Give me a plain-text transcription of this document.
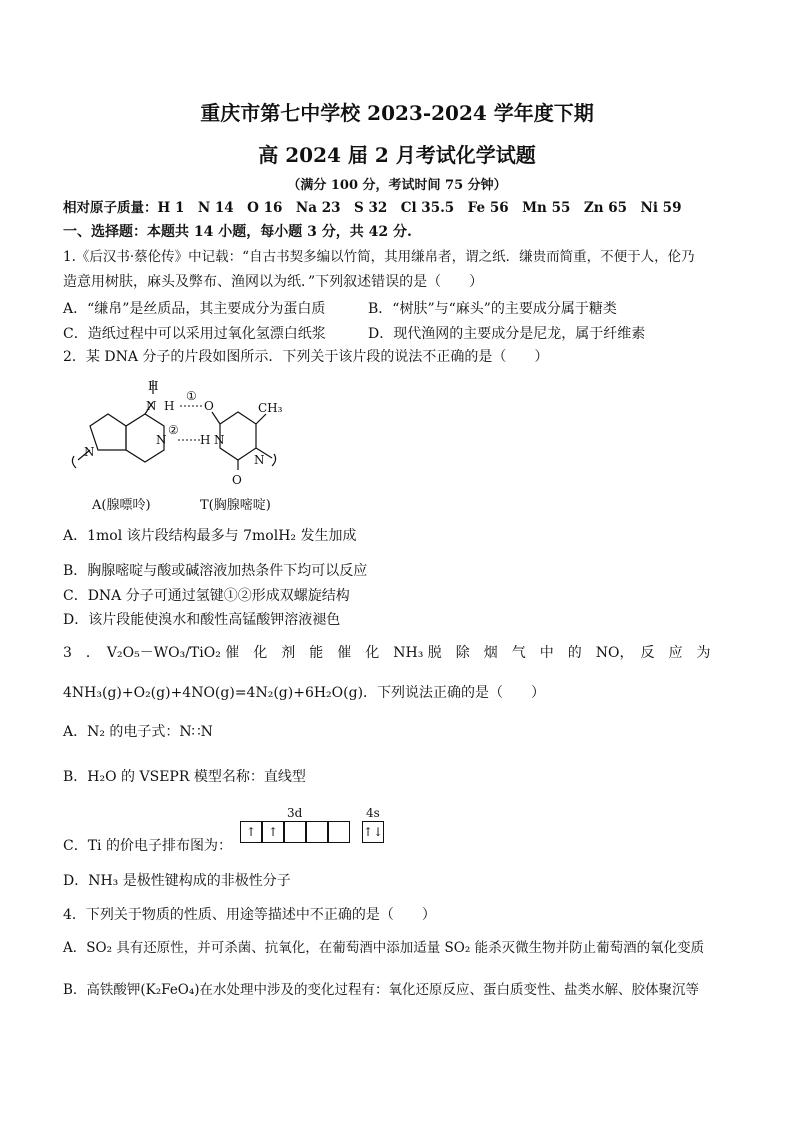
重庆市第七中学校 2023-2024 学年度下期
高 2024 届 2 月考试化学试题
（满分 100 分，考试时间 75 分钟）
相对原子质量：H 1　N 14　O 16　Na 23　S 32　Cl 35.5　Fe 56　Mn 55　Zn 65　Ni 59
一、选择题：本题共 14 小题，每小题 3 分，共 42 分.
1.《后汉书·蔡伦传》中记载：“自古书契多编以竹简，其用缣帛者，谓之纸．缣贵而简重，不便于人，伦乃
造意用树肤，麻头及弊布、渔网以为纸．”下列叙述错误的是（　　）
A．“缣帛”是丝质品，其主要成分为蛋白质	B．“树肤”与“麻头”的主要成分属于糖类
C．造纸过程中可以采用过氧化氢漂白纸浆	D．现代渔网的主要成分是尼龙，属于纤维素
2．某 DNA 分子的片段如图所示．下列关于该片段的说法不正确的是（　　）
H
N H O
①
②
N	H N
O
CH₃
N
N
A(腺嘌呤)	T(胸腺嘧啶)
A．1mol 该片段结构最多与 7molH₂ 发生加成
B．胸腺嘧啶与酸或碱溶液加热条件下均可以反应
C．DNA 分子可通过氢键①②形成双螺旋结构
D．该片段能使溴水和酸性高锰酸钾溶液褪色
3　．　V₂O₅－WO₃/TiO₂ 催　化　剂　能　催　化　NH₃ 脱　除　烟　气　中　的　NO，　反　应　为
4NH₃(g)+O₂(g)+4NO(g)=4N₂(g)+6H₂O(g)．下列说法正确的是（　　）
A．N₂ 的电子式：N∷N
B．H₂O 的 VSEPR 模型名称：直线型
C．Ti 的价电子排布图为：
3d	4s
↑ ↑	↑↓
D．NH₃ 是极性键构成的非极性分子
4．下列关于物质的性质、用途等描述中不正确的是（　　）
A．SO₂ 具有还原性，并可杀菌、抗氧化，在葡萄酒中添加适量 SO₂ 能杀灭微生物并防止葡萄酒的氧化变质
B．高铁酸钾(K₂FeO₄)在水处理中涉及的变化过程有：氧化还原反应、蛋白质变性、盐类水解、胶体聚沉等
